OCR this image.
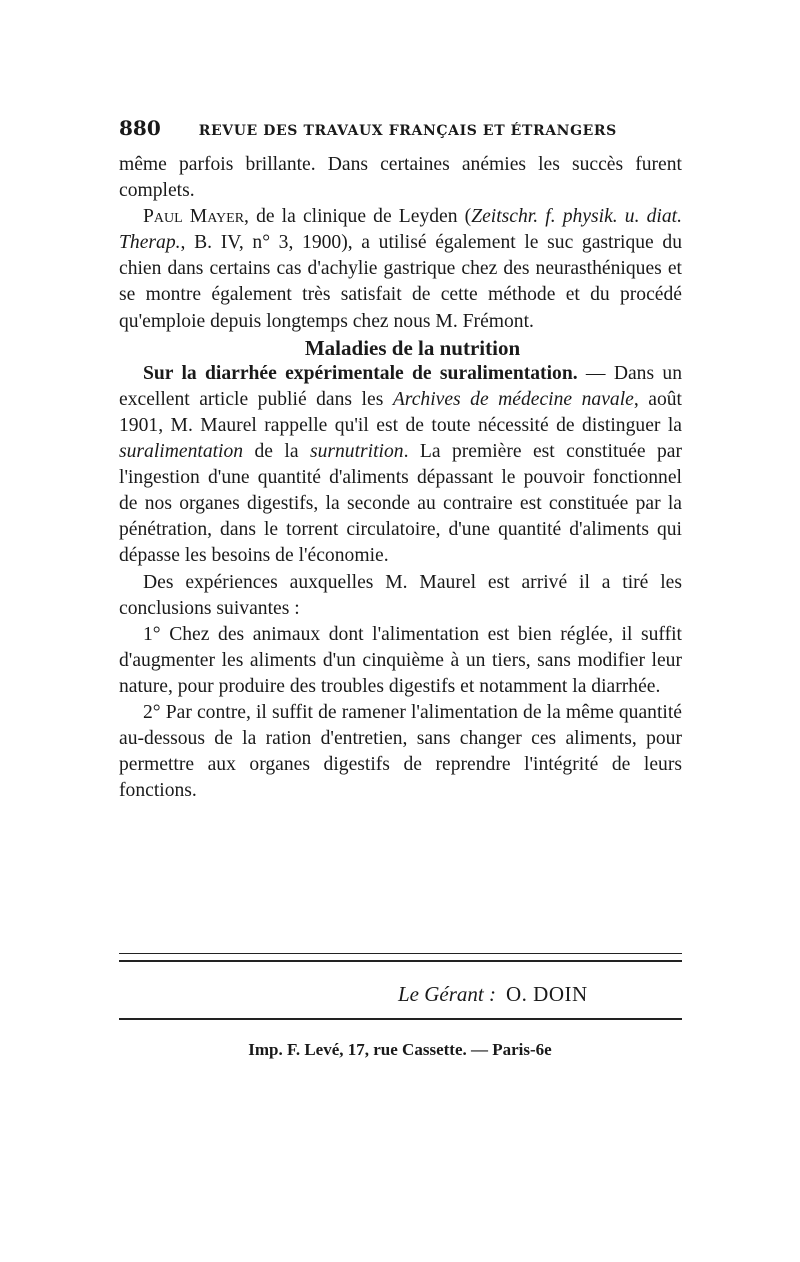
880	REVUE DES TRAVAUX FRANÇAIS ET ÉTRANGERS

même parfois brillante. Dans certaines anémies les succès furent complets.

Paul Mayer, de la clinique de Leyden (Zeitschr. f. physik. u. diat. Therap., B. IV, n° 3, 1900), a utilisé également le suc gastrique du chien dans certains cas d'achylie gastrique chez des neurasthéniques et se montre également très satisfait de cette méthode et du procédé qu'emploie depuis longtemps chez nous M. Frémont.

Maladies de la nutrition

Sur la diarrhée expérimentale de suralimentation. — Dans un excellent article publié dans les Archives de médecine navale, août 1901, M. Maurel rappelle qu'il est de toute nécessité de distinguer la suralimentation de la surnutrition. La première est constituée par l'ingestion d'une quantité d'aliments dépassant le pouvoir fonctionnel de nos organes digestifs, la seconde au contraire est constituée par la pénétration, dans le torrent circulatoire, d'une quantité d'aliments qui dépasse les besoins de l'économie.

Des expériences auxquelles M. Maurel est arrivé il a tiré les conclusions suivantes :

1° Chez des animaux dont l'alimentation est bien réglée, il suffit d'augmenter les aliments d'un cinquième à un tiers, sans modifier leur nature, pour produire des troubles digestifs et notamment la diarrhée.

2° Par contre, il suffit de ramener l'alimentation de la même quantité au-dessous de la ration d'entretien, sans changer ces aliments, pour permettre aux organes digestifs de reprendre l'intégrité de leurs fonctions.

Le Gérant : O. DOIN
Imp. F. Levé, 17, rue Cassette. — Paris-6e
